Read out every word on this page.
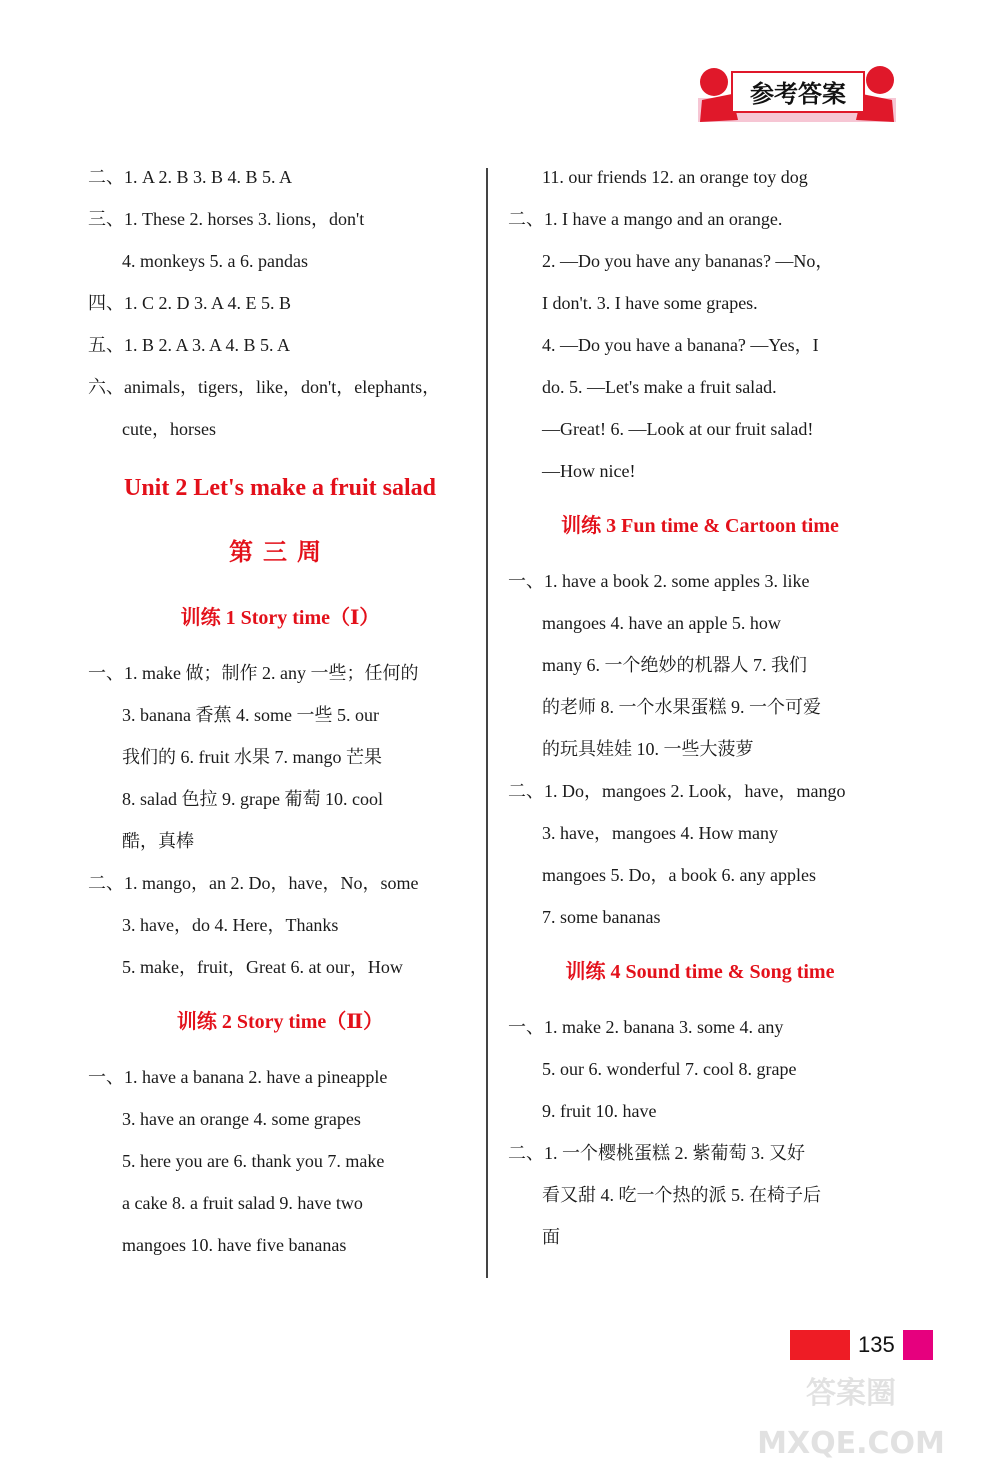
参考答案
二、1. A 2. B 3. B 4. B 5. A
三、1. These 2. horses 3. lions，don't
4. monkeys 5. a 6. pandas
四、1. C 2. D 3. A 4. E 5. B
五、1. B 2. A 3. A 4. B 5. A
六、animals，tigers，like，don't，elephants，
cute，horses
Unit 2 Let's make a fruit salad
第三周
训练 1 Story time（Ⅰ）
一、1. make 做；制作 2. any 一些；任何的
3. banana 香蕉 4. some 一些 5. our
我们的 6. fruit 水果 7. mango 芒果
8. salad 色拉 9. grape 葡萄 10. cool
酷，真棒
二、1. mango，an 2. Do，have，No，some
3. have，do 4. Here，Thanks
5. make，fruit，Great 6. at our，How
训练 2 Story time（Ⅱ）
一、1. have a banana 2. have a pineapple
3. have an orange 4. some grapes
5. here you are 6. thank you 7. make
a cake 8. a fruit salad 9. have two
mangoes 10. have five bananas
11. our friends 12. an orange toy dog
二、1. I have a mango and an orange.
2. —Do you have any bananas? —No，
I don't. 3. I have some grapes.
4. —Do you have a banana? —Yes，I
do. 5. —Let's make a fruit salad.
—Great! 6. —Look at our fruit salad!
—How nice!
训练 3 Fun time & Cartoon time
一、1. have a book 2. some apples 3. like
mangoes 4. have an apple 5. how
many 6. 一个绝妙的机器人 7. 我们
的老师 8. 一个水果蛋糕 9. 一个可爱
的玩具娃娃 10. 一些大菠萝
二、1. Do，mangoes 2. Look，have，mango
3. have，mangoes 4. How many
mangoes 5. Do，a book 6. any apples
7. some bananas
训练 4 Sound time & Song time
一、1. make 2. banana 3. some 4. any
5. our 6. wonderful 7. cool 8. grape
9. fruit 10. have
二、1. 一个樱桃蛋糕 2. 紫葡萄 3. 又好
看又甜 4. 吃一个热的派 5. 在椅子后
面
135
答案圈
MXQE.COM
